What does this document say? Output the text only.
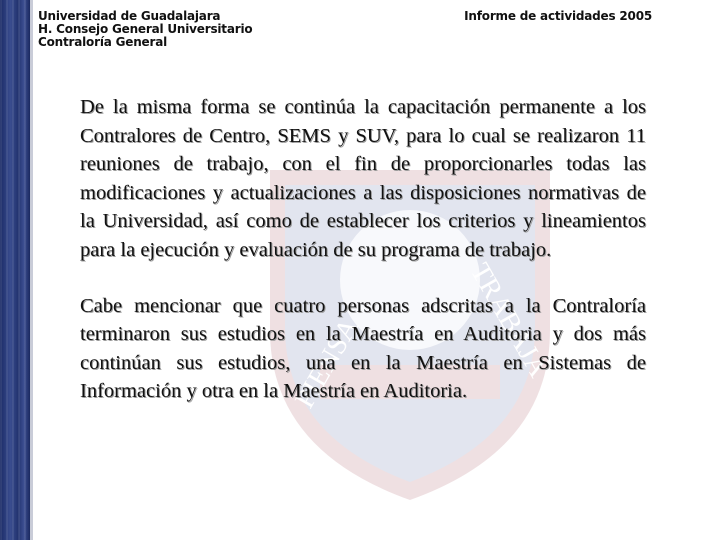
PIENSA	TRABAJA
Universidad de Guadalajara
H. Consejo General Universitario
Contraloría General
Informe de actividades 2005

De la misma forma se continúa la capacitación permanente a los Contralores de Centro, SEMS y SUV, para lo cual se realizaron 11 reuniones de trabajo, con el fin de proporcionarles todas las modificaciones y actualizaciones a las disposiciones normativas de la Universidad, así como de establecer los criterios y lineamientos para la ejecución y evaluación de su programa de trabajo.

Cabe mencionar que cuatro personas adscritas a la Contraloría terminaron sus estudios en la Maestría en Auditoria y dos más continúan sus estudios, una en la Maestría en Sistemas de Información y otra en la Maestría en Auditoria.
